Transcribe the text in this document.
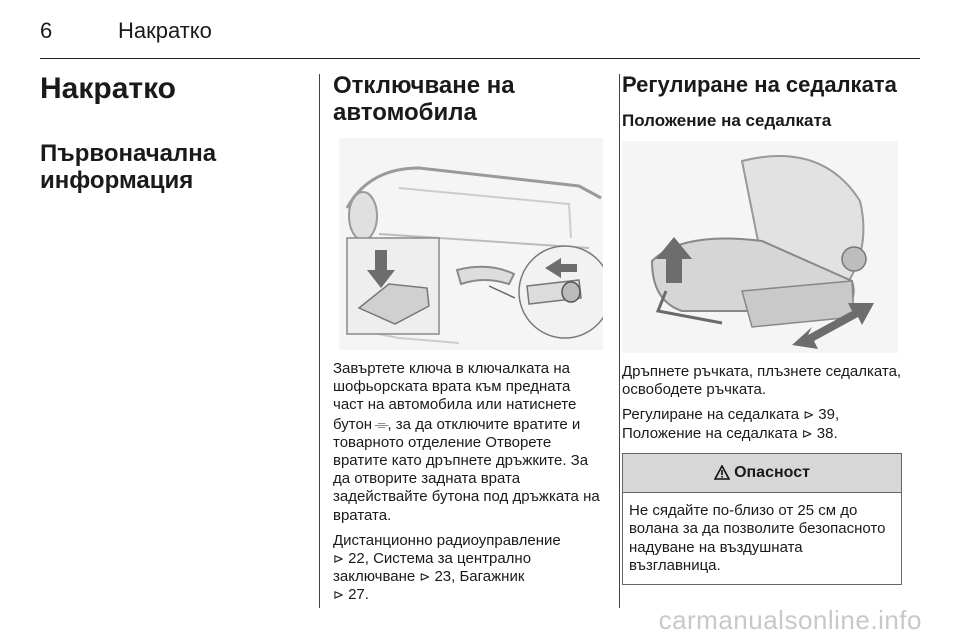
6	Накратко
Накратко
Първоначална информация
Отключване на автомобила

Завъртете ключа в ключалката на шофьорската врата към предната част на автомобила или натиснете бутон ⌯, за да отключите вратите и товарното отделение Отворете вратите като дръпнете дръжките. За да отворите задната врата задействайте бутона под дръжката на вратата.

Дистанционно радиоуправление
⊳ 22, Система за централно заключване ⊳ 23, Багажник
⊳ 27.

Регулиране на седалката
Положение на седалката

Дръпнете ръчката, плъзнете седалката, освободете ръчката.

Регулиране на седалката ⊳ 39,
Положение на седалката ⊳ 38.

Опасност
Не сядайте по-близо от 25 см до волана за да позволите безопасното надуване на въздушната възглавница.
carmanualsonline.info
